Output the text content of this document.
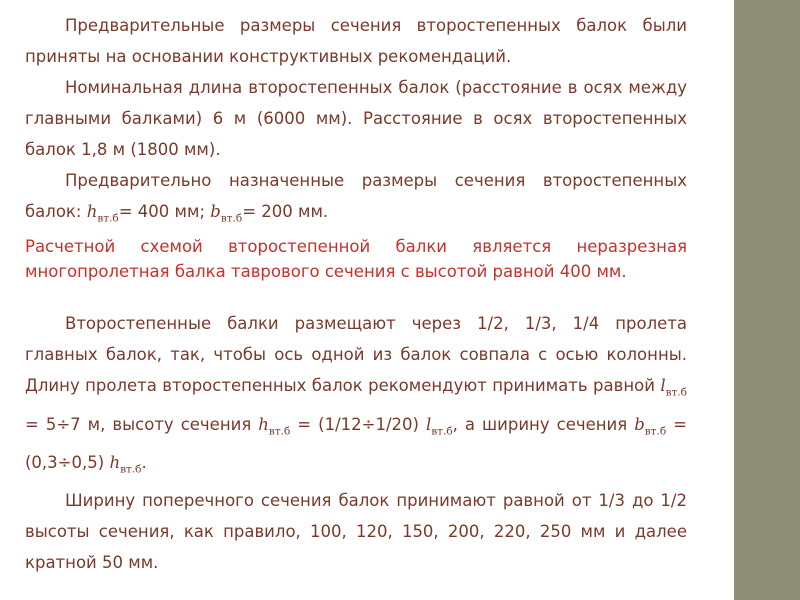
Предварительные размеры сечения второстепенных балок были приняты на основании конструктивных рекомендаций.

Номинальная длина второстепенных балок (расстояние в осях между главными балками) 6 м (6000 мм). Расстояние в осях второстепенных балок 1,8 м (1800 мм).

Предварительно назначенные размеры сечения второстепенных балок: $h_{вт.б}= 400$ мм; $b_{вт.б}= 200$ мм.

Расчетной схемой второстепенной балки является неразрезная многопролетная балка таврового сечения с высотой равной 400 мм.

Второстепенные балки размещают через 1/2, 1/3, 1/4 пролета главных балок, так, чтобы ось одной из балок совпала с осью колонны. Длину пролета второстепенных балок рекомендуют принимать равной $l_{вт.б} = 5\div 7$ м, высоту сечения $h_{вт.б} = (1/12\div 1/20)$ $l_{вт.б}$, а ширину сечения $b_{вт.б} =(0,3\div 0,5)$ $h_{вт.б}$.

Ширину поперечного сечения балок принимают равной от 1/3 до 1/2 высоты сечения, как правило, 100, 120, 150, 200, 220, 250 мм и далее кратной 50 мм.
